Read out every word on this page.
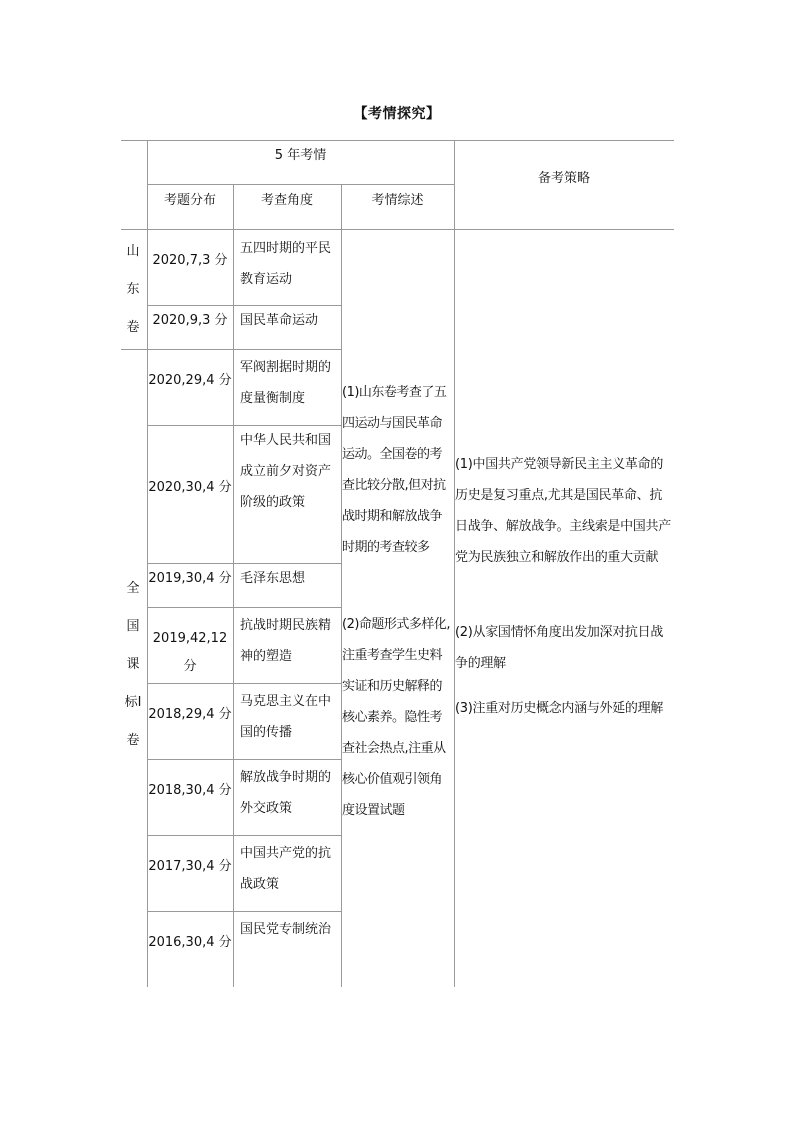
【考情探究】
5 年考情
备考策略
考题分布	考查角度	考情综述
山东卷
全国课标Ⅰ卷
2020,7,3 分
2020,9,3 分
2020,29,4 分
2020,30,4 分
2019,30,4 分
2019,42,12 分
2018,29,4 分
2018,30,4 分
2017,30,4 分
2016,30,4 分
五四时期的平民教育运动
国民革命运动
军阀割据时期的度量衡制度
中华人民共和国成立前夕对资产阶级的政策
毛泽东思想
抗战时期民族精神的塑造
马克思主义在中国的传播
解放战争时期的外交政策
中国共产党的抗战政策
国民党专制统治
(1)山东卷考查了五四运动与国民革命运动。全国卷的考查比较分散,但对抗战时期和解放战争时期的考查较多
(2)命题形式多样化,注重考查学生史料实证和历史解释的核心素养。隐性考查社会热点,注重从核心价值观引领角度设置试题
(1)中国共产党领导新民主主义革命的历史是复习重点,尤其是国民革命、抗日战争、解放战争。主线索是中国共产党为民族独立和解放作出的重大贡献
(2)从家国情怀角度出发加深对抗日战争的理解
(3)注重对历史概念内涵与外延的理解
